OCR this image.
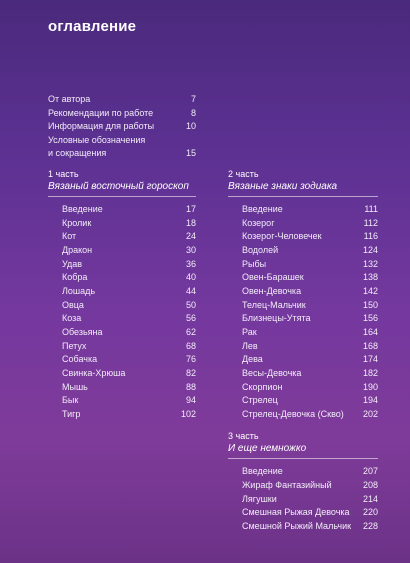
оглавление
От автора	7
Рекомендации по работе	8
Информация для работы	10
Условные обозначения
и сокращения	15
1 часть
Вязаный восточный гороскоп
Введение	17
Кролик	18
Кот	24
Дракон	30
Удав	36
Кобра	40
Лошадь	44
Овца	50
Коза	56
Обезьяна	62
Петух	68
Собачка	76
Свинка-Хрюша	82
Мышь	88
Бык	94
Тигр	102
2 часть
Вязаные знаки зодиака
Введение	111
Козерог	112
Козерог-Человечек	116
Водолей	124
Рыбы	132
Овен-Барашек	138
Овен-Девочка	142
Телец-Мальчик	150
Близнецы-Утята	156
Рак	164
Лев	168
Дева	174
Весы-Девочка	182
Скорпион	190
Стрелец	194
Стрелец-Девочка (Скво) 202
3 часть
И еще немножко
Введение	207
Жираф Фантазийный	208
Лягушки	214
Смешная Рыжая Девочка 220
Смешной Рыжий Мальчик 228
